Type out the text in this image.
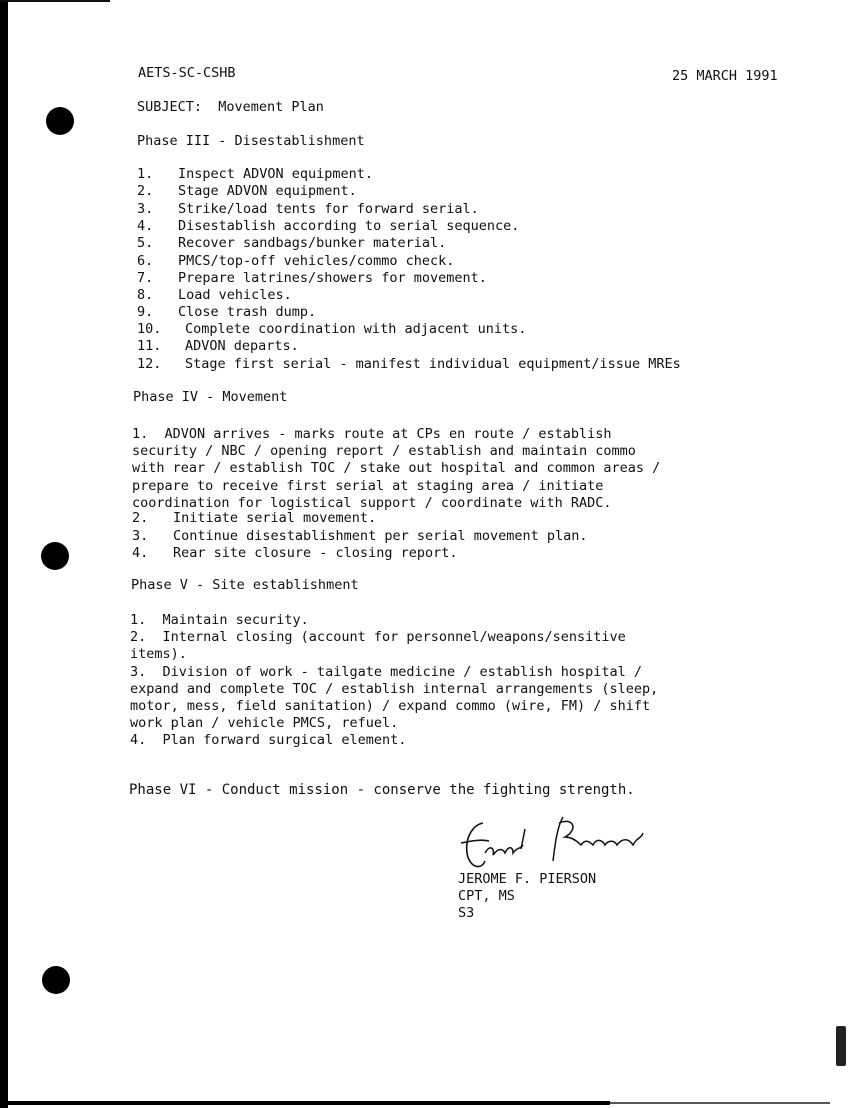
AETS-SC-CSHB	25 MARCH 1991
SUBJECT:  Movement Plan
Phase III - Disestablishment
1. Inspect ADVON equipment.
2. Stage ADVON equipment.
3. Strike/load tents for forward serial.
4. Disestablish according to serial sequence.
5. Recover sandbags/bunker material.
6. PMCS/top-off vehicles/commo check.
7. Prepare latrines/showers for movement.
8. Load vehicles.
9. Close trash dump.
10. Complete coordination with adjacent units.
11. ADVON departs.
12. Stage first serial - manifest individual equipment/issue MREs
Phase IV - Movement
1.  ADVON arrives - marks route at CPs en route / establish
security / NBC / opening report / establish and maintain commo
with rear / establish TOC / stake out hospital and common areas /
prepare to receive first serial at staging area / initiate
coordination for logistical support / coordinate with RADC.
2. Initiate serial movement.
3. Continue disestablishment per serial movement plan.
4. Rear site closure - closing report.
Phase V - Site establishment
1.  Maintain security.
2.  Internal closing (account for personnel/weapons/sensitive
items).
3.  Division of work - tailgate medicine / establish hospital /
expand and complete TOC / establish internal arrangements (sleep,
motor, mess, field sanitation) / expand commo (wire, FM) / shift
work plan / vehicle PMCS, refuel.
4.  Plan forward surgical element.
Phase VI - Conduct mission - conserve the fighting strength.
JEROME F. PIERSON
CPT, MS
S3
